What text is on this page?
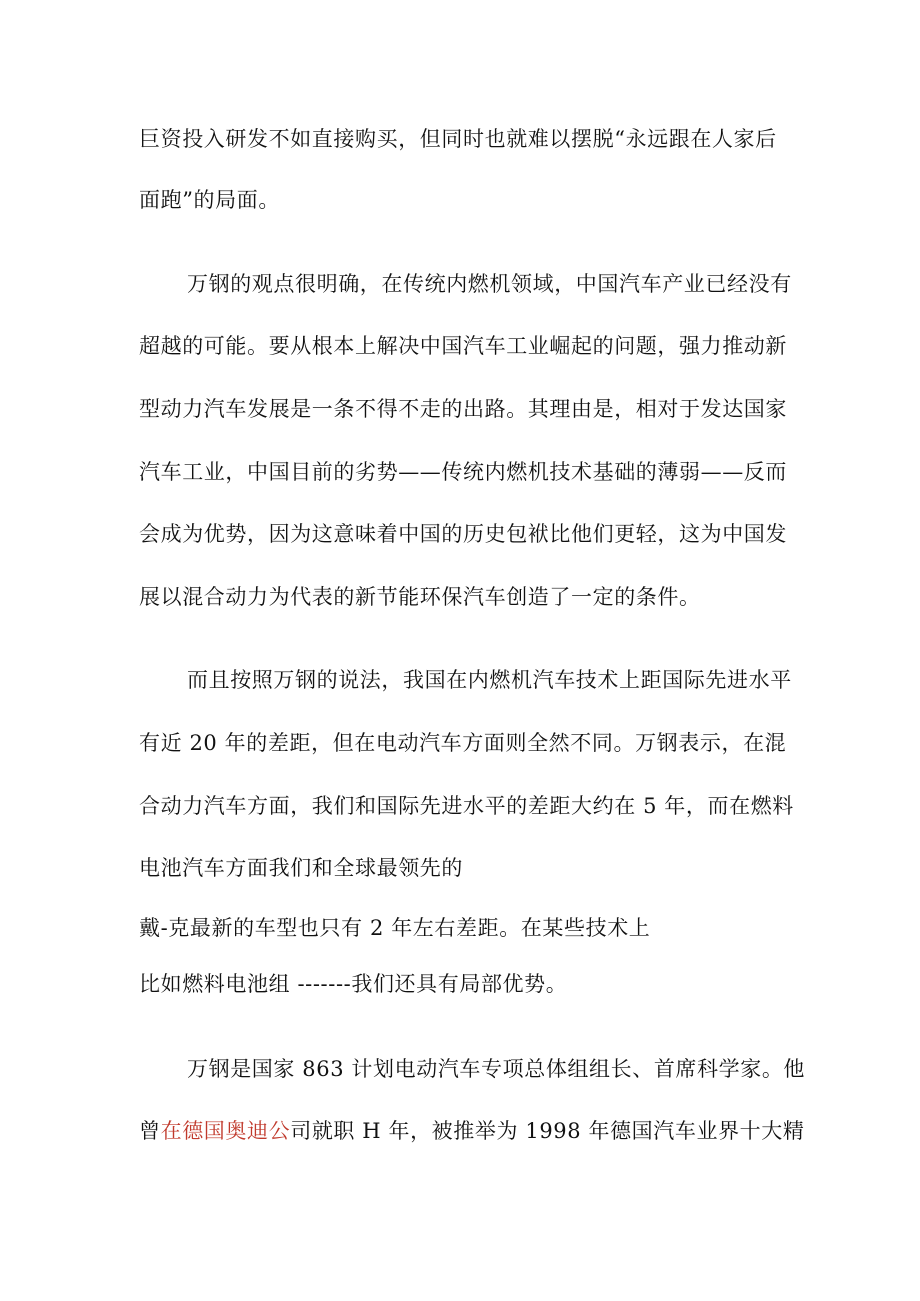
巨资投入研发不如直接购买，但同时也就难以摆脱“永远跟在人家后
面跑”的局面。
万钢的观点很明确，在传统内燃机领域，中国汽车产业已经没有
超越的可能。要从根本上解决中国汽车工业崛起的问题，强力推动新
型动力汽车发展是一条不得不走的出路。其理由是，相对于发达国家
汽车工业，中国目前的劣势——传统内燃机技术基础的薄弱——反而
会成为优势，因为这意味着中国的历史包袱比他们更轻，这为中国发
展以混合动力为代表的新节能环保汽车创造了一定的条件。
而且按照万钢的说法，我国在内燃机汽车技术上距国际先进水平
有近 20 年的差距，但在电动汽车方面则全然不同。万钢表示，在混
合动力汽车方面，我们和国际先进水平的差距大约在 5 年，而在燃料
电池汽车方面我们和全球最领先的
戴-克最新的车型也只有 2 年左右差距。在某些技术上
比如燃料电池组 -------我们还具有局部优势。
万钢是国家 863 计划电动汽车专项总体组组长、首席科学家。他
曾在德国奥迪公司就职 H 年，被推举为 1998 年德国汽车业界十大精
